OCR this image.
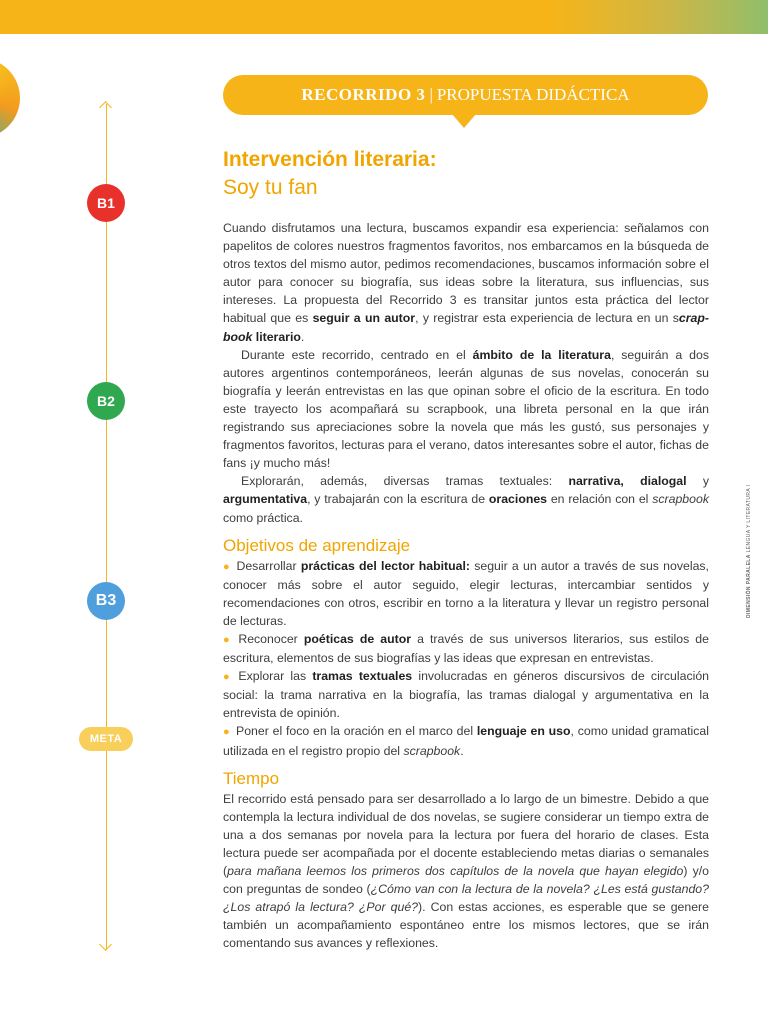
B1
B2
B3
META
RECORRIDO 3 | PROPUESTA DIDÁCTICA
Intervención literaria:
Soy tu fan

Cuando disfrutamos una lectura, buscamos expandir esa experiencia: señalamos con papelitos de colores nuestros fragmentos favoritos, nos embarcamos en la búsqueda de otros textos del mismo autor, pedimos recomendaciones, buscamos información sobre el autor para conocer su biografía, sus ideas sobre la literatura, sus influencias, sus intereses. La propuesta del Recorrido 3 es transitar juntos esta práctica del lector habitual que es seguir a un autor, y registrar esta experiencia de lectura en un scrap-book literario.

Durante este recorrido, centrado en el ámbito de la literatura, seguirán a dos autores argentinos contemporáneos, leerán algunas de sus novelas, conocerán su biografía y leerán entrevistas en las que opinan sobre el oficio de la escritura. En todo este trayecto los acompañará su scrapbook, una libreta personal en la que irán registrando sus apreciaciones sobre la novela que más les gustó, sus personajes y fragmentos favoritos, lecturas para el verano, datos interesantes sobre el autor, fichas de fans ¡y mucho más!

Explorarán, además, diversas tramas textuales: narrativa, dialogal y argumentativa, y trabajarán con la escritura de oraciones en relación con el scrapbook como práctica.

Objetivos de aprendizaje

● Desarrollar prácticas del lector habitual: seguir a un autor a través de sus novelas, conocer más sobre el autor seguido, elegir lecturas, intercambiar sentidos y recomendaciones con otros, escribir en torno a la literatura y llevar un registro personal de lecturas.

● Reconocer poéticas de autor a través de sus universos literarios, sus estilos de escritura, elementos de sus biografías y las ideas que expresan en entrevistas.

● Explorar las tramas textuales involucradas en géneros discursivos de circulación social: la trama narrativa en la biografía, las tramas dialogal y argumentativa en la entrevista de opinión.

● Poner el foco en la oración en el marco del lenguaje en uso, como unidad gramatical utilizada en el registro propio del scrapbook.

Tiempo

El recorrido está pensado para ser desarrollado a lo largo de un bimestre. Debido a que contempla la lectura individual de dos novelas, se sugiere considerar un tiempo extra de una a dos semanas por novela para la lectura por fuera del horario de clases. Esta lectura puede ser acompañada por el docente estableciendo metas diarias o semanales (para mañana leemos los primeros dos capítulos de la novela que hayan elegido) y/o con preguntas de sondeo (¿Cómo van con la lectura de la novela? ¿Les está gustando? ¿Los atrapó la lectura? ¿Por qué?). Con estas acciones, es esperable que se genere también un acompañamiento espontáneo entre los mismos lectores, que se irán comentando sus avances y reflexiones.

DIMENSIÓN PARALELA LENGUA Y LITERATURA I
